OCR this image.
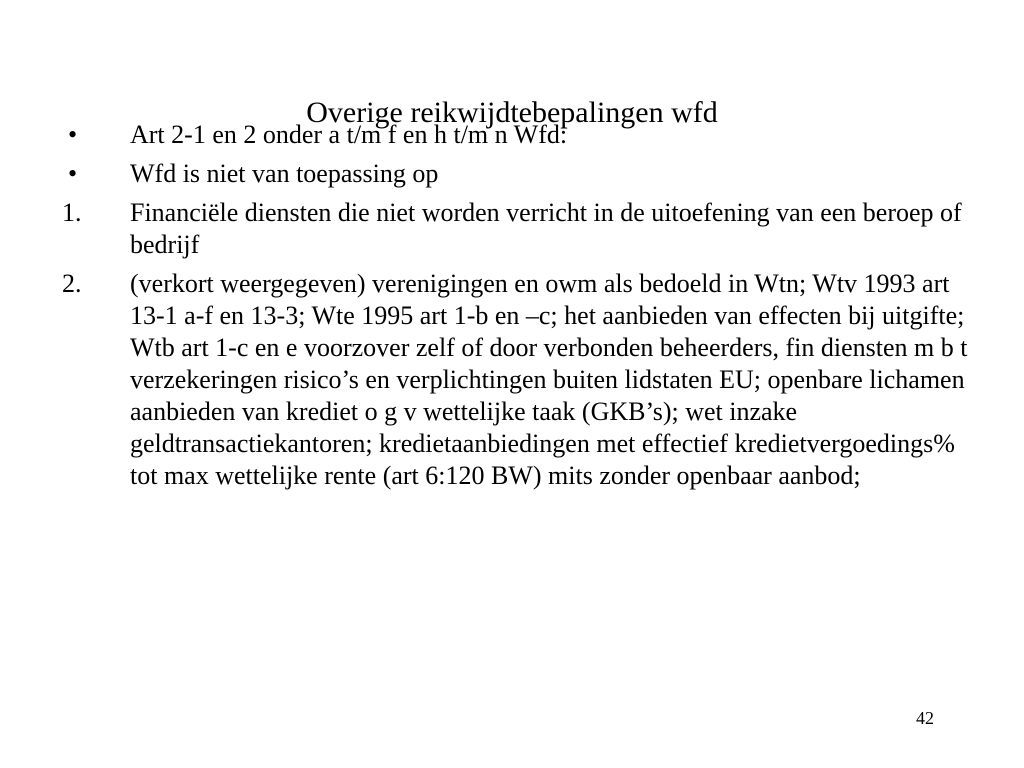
Overige reikwijdtebepalingen wfd
•	Art 2-1 en 2 onder a t/m f en h t/m n Wfd:
•	Wfd is niet van toepassing op
1.	Financiële diensten die niet worden verricht in de uitoefening van een beroep of bedrijf
2.	(verkort weergegeven) verenigingen en owm als bedoeld in Wtn; Wtv 1993 art 13-1 a-f en 13-3; Wte 1995 art 1-b en –c; het aanbieden van effecten bij uitgifte; Wtb art 1-c en e voorzover zelf of door verbonden beheerders, fin diensten m b t verzekeringen risico’s en verplichtingen buiten lidstaten EU; openbare lichamen aanbieden van krediet o g v wettelijke taak (GKB’s); wet inzake geldtransactiekantoren; kredietaanbiedingen met effectief kredietvergoedings% tot max wettelijke rente (art 6:120 BW) mits zonder openbaar aanbod;
42
